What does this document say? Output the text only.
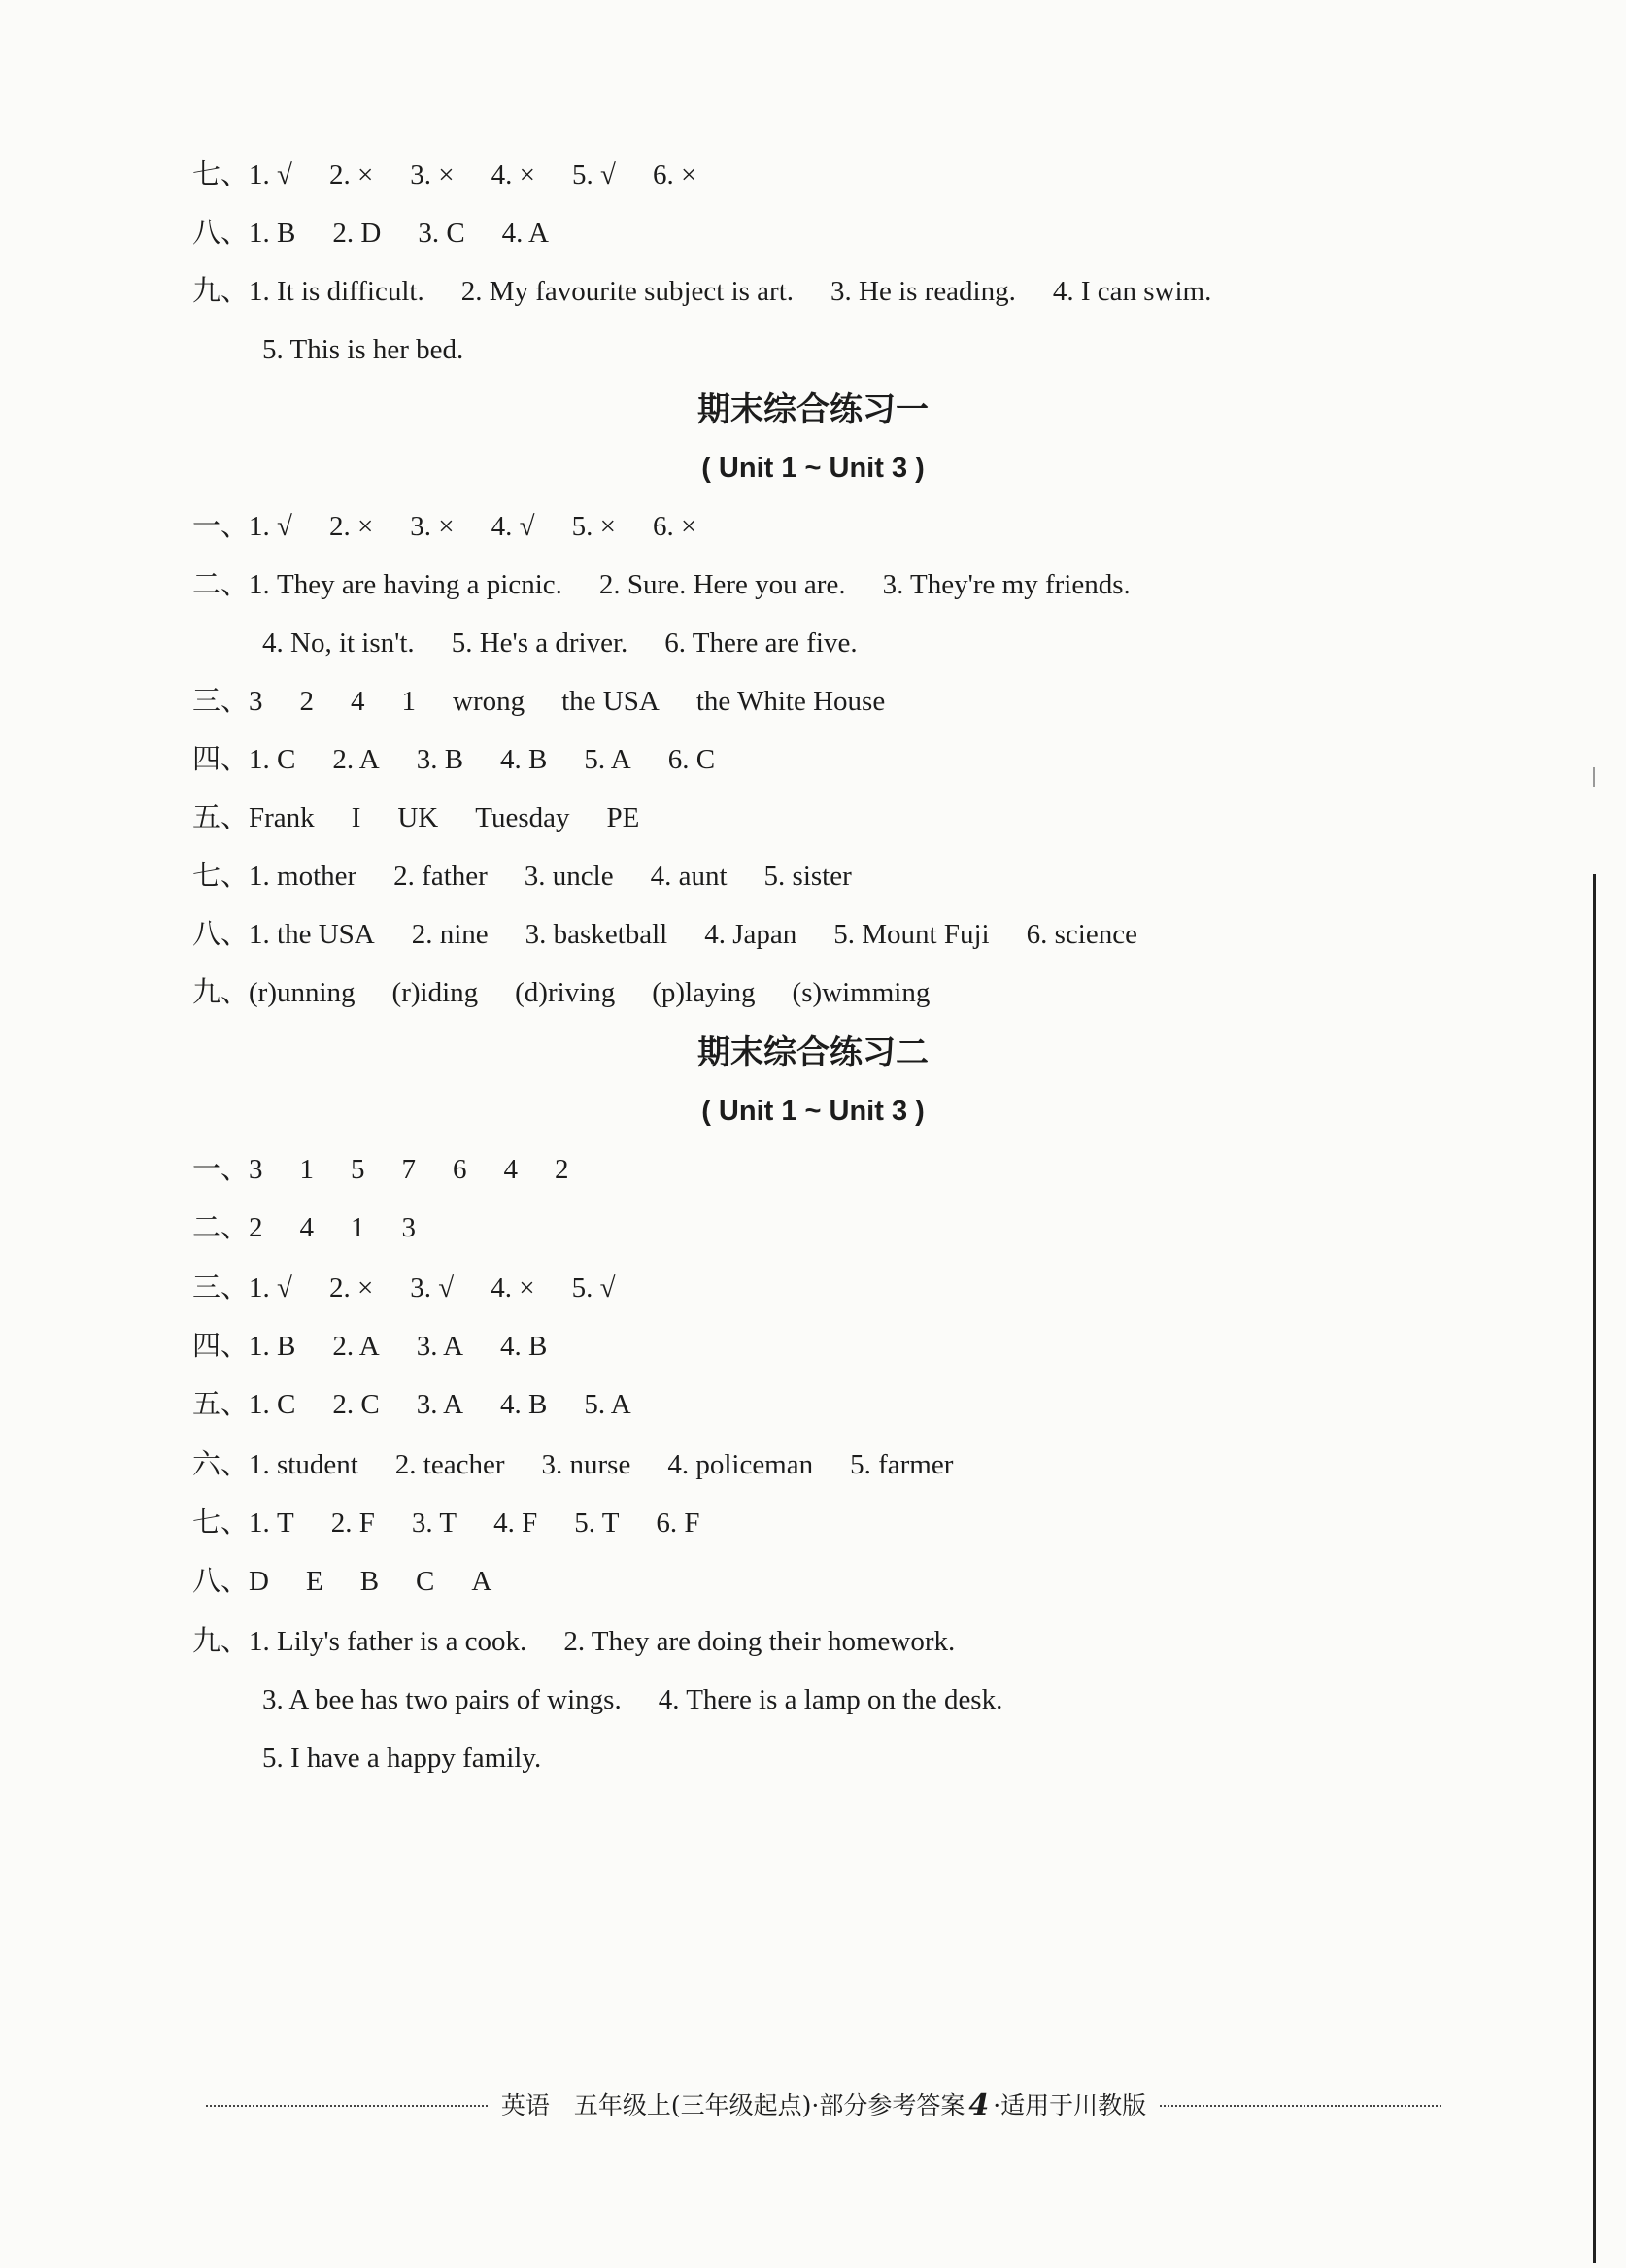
七、1. √ 2. × 3. × 4. × 5. √ 6. ×
八、1. B 2. D 3. C 4. A
九、1. It is difficult. 2. My favourite subject is art. 3. He is reading. 4. I can swim.
5. This is her bed.
期末综合练习一
( Unit 1 ~ Unit 3 )
一、1. √ 2. × 3. × 4. √ 5. × 6. ×
二、1. They are having a picnic. 2. Sure. Here you are. 3. They're my friends.
4. No, it isn't. 5. He's a driver. 6. There are five.
三、3 2 4 1 wrong the USA the White House
四、1. C 2. A 3. B 4. B 5. A 6. C
五、Frank I UK Tuesday PE
七、1. mother 2. father 3. uncle 4. aunt 5. sister
八、1. the USA 2. nine 3. basketball 4. Japan 5. Mount Fuji 6. science
九、(r)unning (r)iding (d)riving (p)laying (s)wimming
期末综合练习二
( Unit 1 ~ Unit 3 )
一、3 1 5 7 6 4 2
二、2 4 1 3
三、1. √ 2. × 3. √ 4. × 5. √
四、1. B 2. A 3. A 4. B
五、1. C 2. C 3. A 4. B 5. A
六、1. student 2. teacher 3. nurse 4. policeman 5. farmer
七、1. T 2. F 3. T 4. F 5. T 6. F
八、D E B C A
九、1. Lily's father is a cook. 2. They are doing their homework.
3. A bee has two pairs of wings. 4. There is a lamp on the desk.
5. I have a happy family.
英语　五年级上(三年级起点)·部分参考答案 4 ·适用于川教版
